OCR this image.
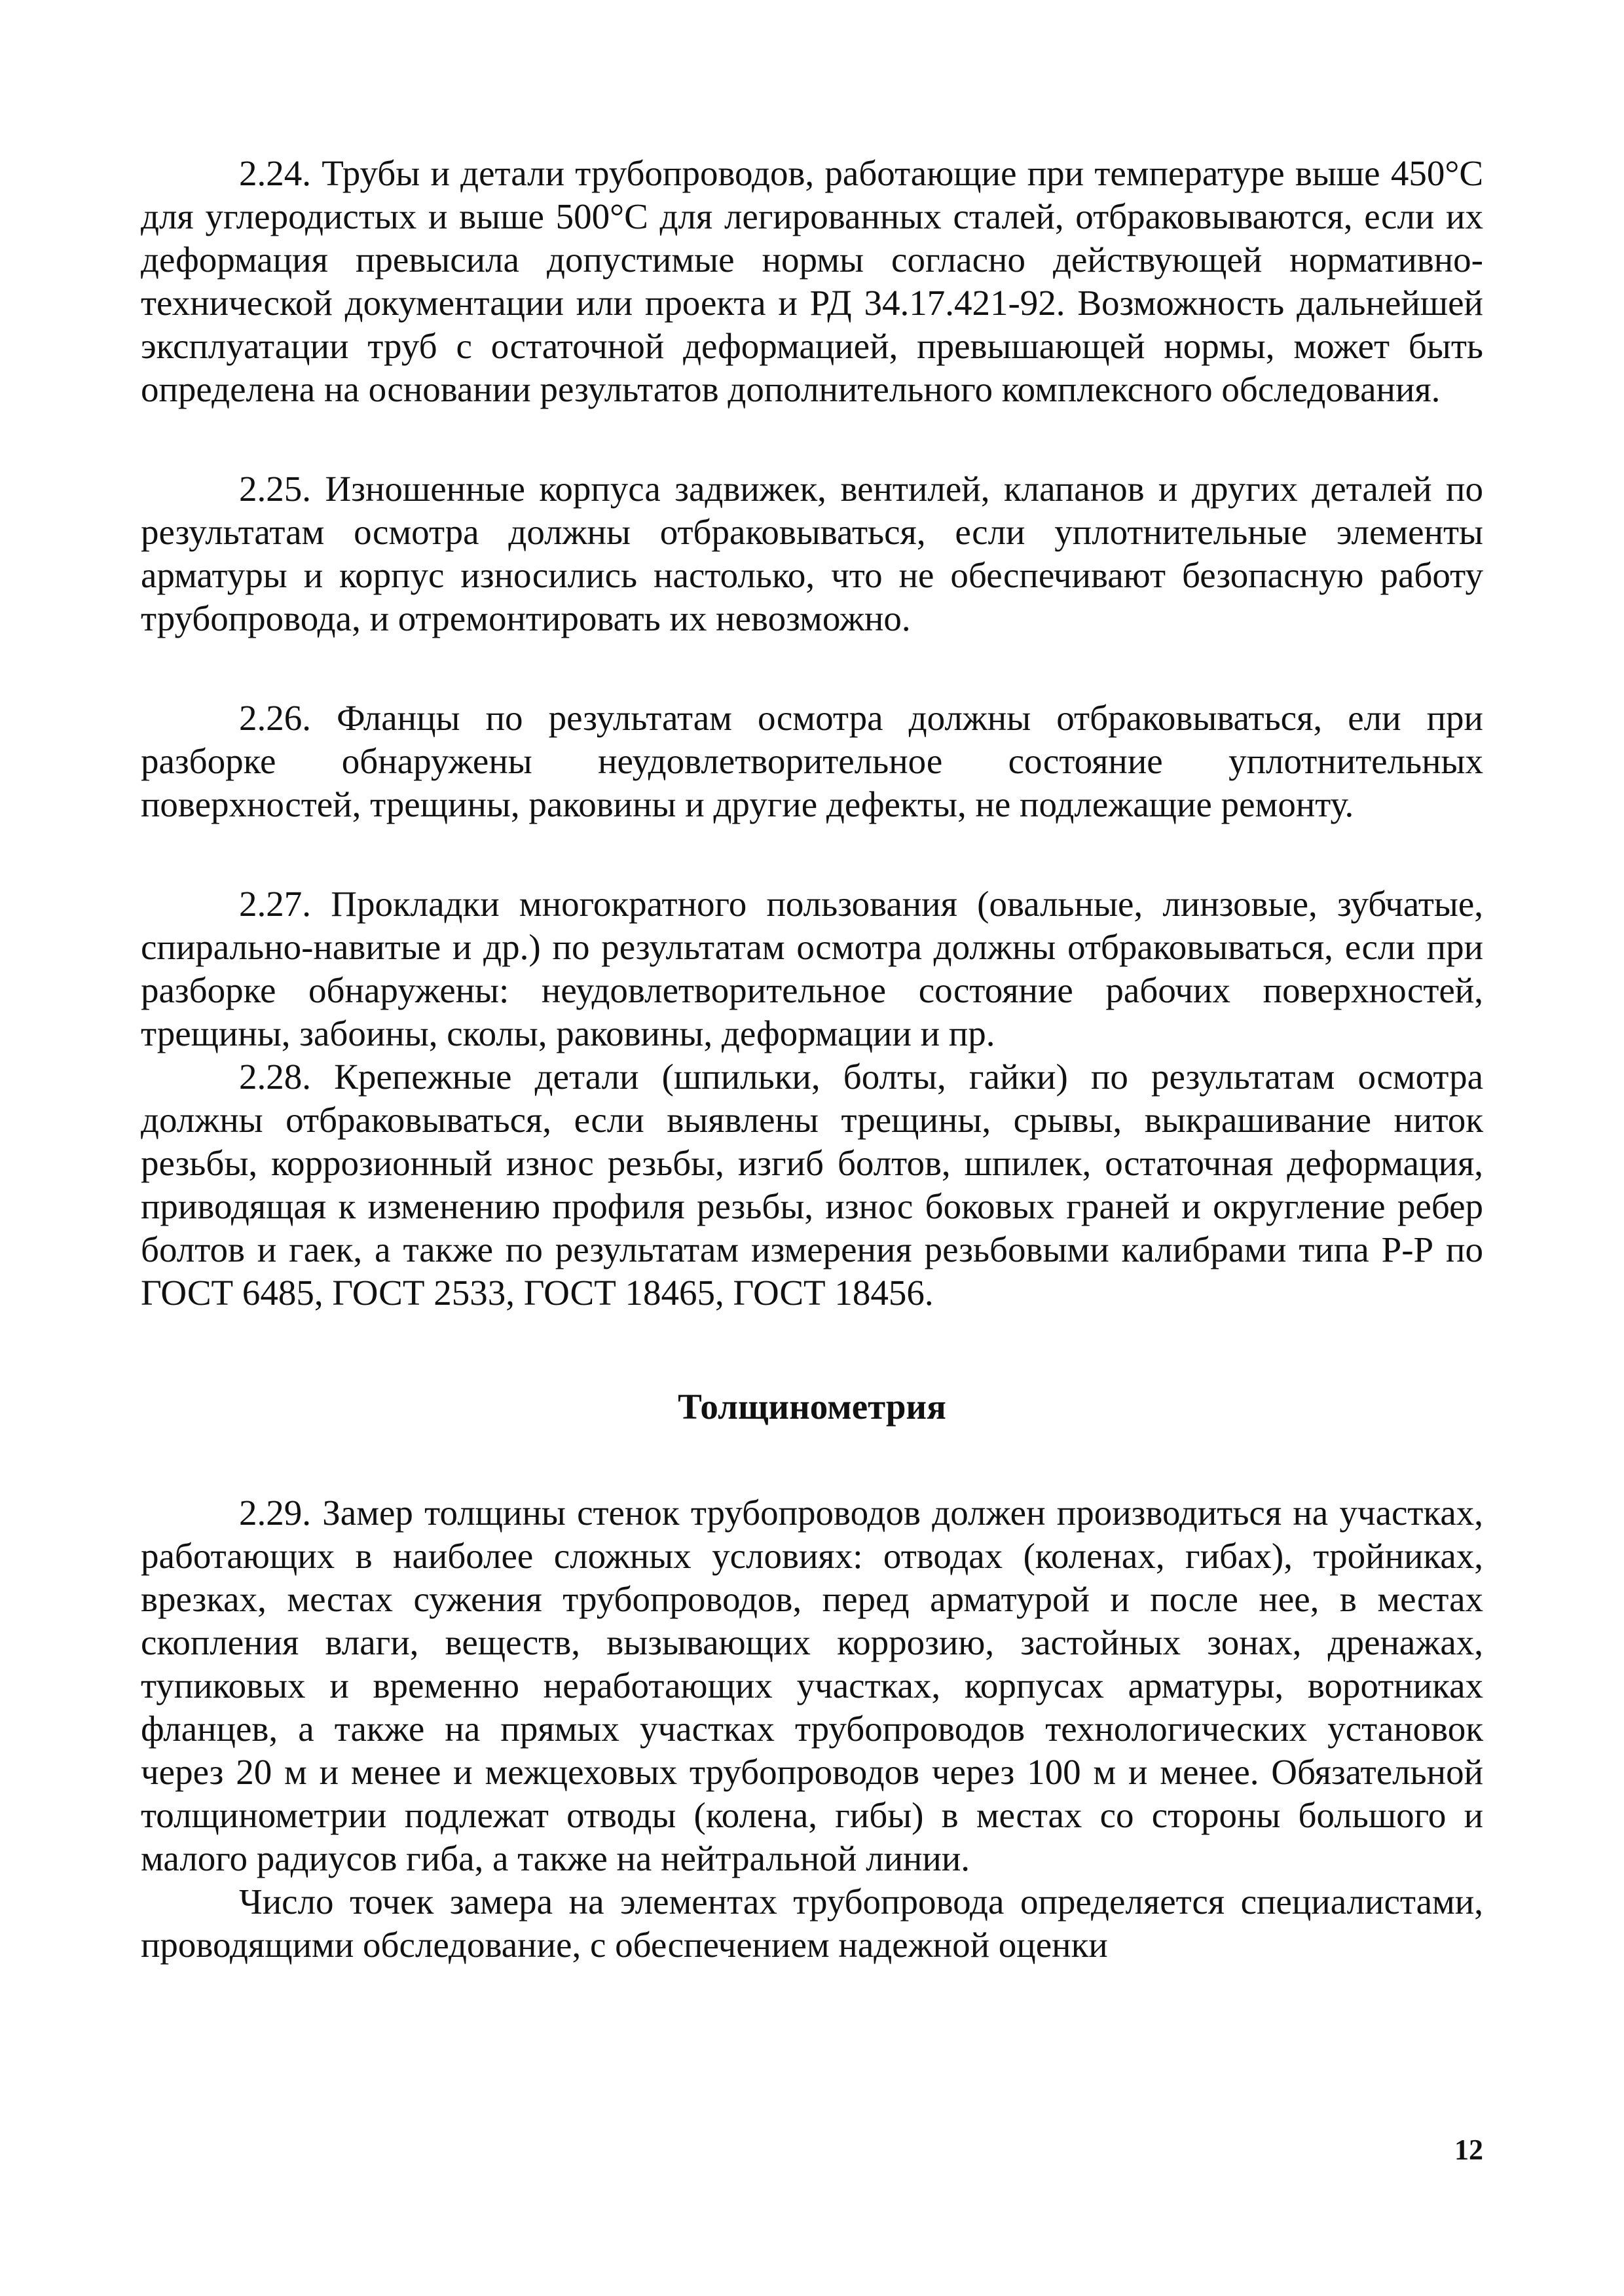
2.24. Трубы и детали трубопроводов, работающие при температуре выше 450°С для углеродистых и выше 500°С для легированных сталей, отбраковываются, если их деформация превысила допустимые нормы согласно действующей нормативно-технической документации или проекта и РД 34.17.421-92. Возможность дальнейшей эксплуатации труб с остаточной деформацией, превышающей нормы, может быть определена на основании результатов дополнительного комплексного обследования.

2.25. Изношенные корпуса задвижек, вентилей, клапанов и других деталей по результатам осмотра должны отбраковываться, если уплотнительные элементы арматуры и корпус износились настолько, что не обеспечивают безопасную работу трубопровода, и отремонтировать их невозможно.

2.26. Фланцы по результатам осмотра должны отбраковываться, ели при разборке обнаружены неудовлетворительное состояние уплотнительных поверхностей, трещины, раковины и другие дефекты, не подлежащие ремонту.

2.27. Прокладки многократного пользования (овальные, линзовые, зубчатые, спирально-навитые и др.) по результатам осмотра должны отбраковываться, если при разборке обнаружены: неудовлетворительное состояние рабочих поверхностей, трещины, забоины, сколы, раковины, деформации и пр.

2.28. Крепежные детали (шпильки, болты, гайки) по результатам осмотра должны отбраковываться, если выявлены трещины, срывы, выкрашивание ниток резьбы, коррозионный износ резьбы, изгиб болтов, шпилек, остаточная деформация, приводящая к изменению профиля резьбы, износ боковых граней и округление ребер болтов и гаек, а также по результатам измерения резьбовыми калибрами типа Р-Р по ГОСТ 6485, ГОСТ 2533, ГОСТ 18465, ГОСТ 18456.

Толщинометрия

2.29. Замер толщины стенок трубопроводов должен производиться на участках, работающих в наиболее сложных условиях: отводах (коленах, гибах), тройниках, врезках, местах сужения трубопроводов, перед арматурой и после нее, в местах скопления влаги, веществ, вызывающих коррозию, застойных зонах, дренажах, тупиковых и временно неработающих участках, корпусах арматуры, воротниках фланцев, а также на прямых участках трубопроводов технологических установок через 20 м и менее и межцеховых трубопроводов через 100 м и менее. Обязательной толщинометрии подлежат отводы (колена, гибы) в местах со стороны большого и малого радиусов гиба, а также на нейтральной линии.

Число точек замера на элементах трубопровода определяется специалистами, проводящими обследование, с обеспечением надежной оценки

12
